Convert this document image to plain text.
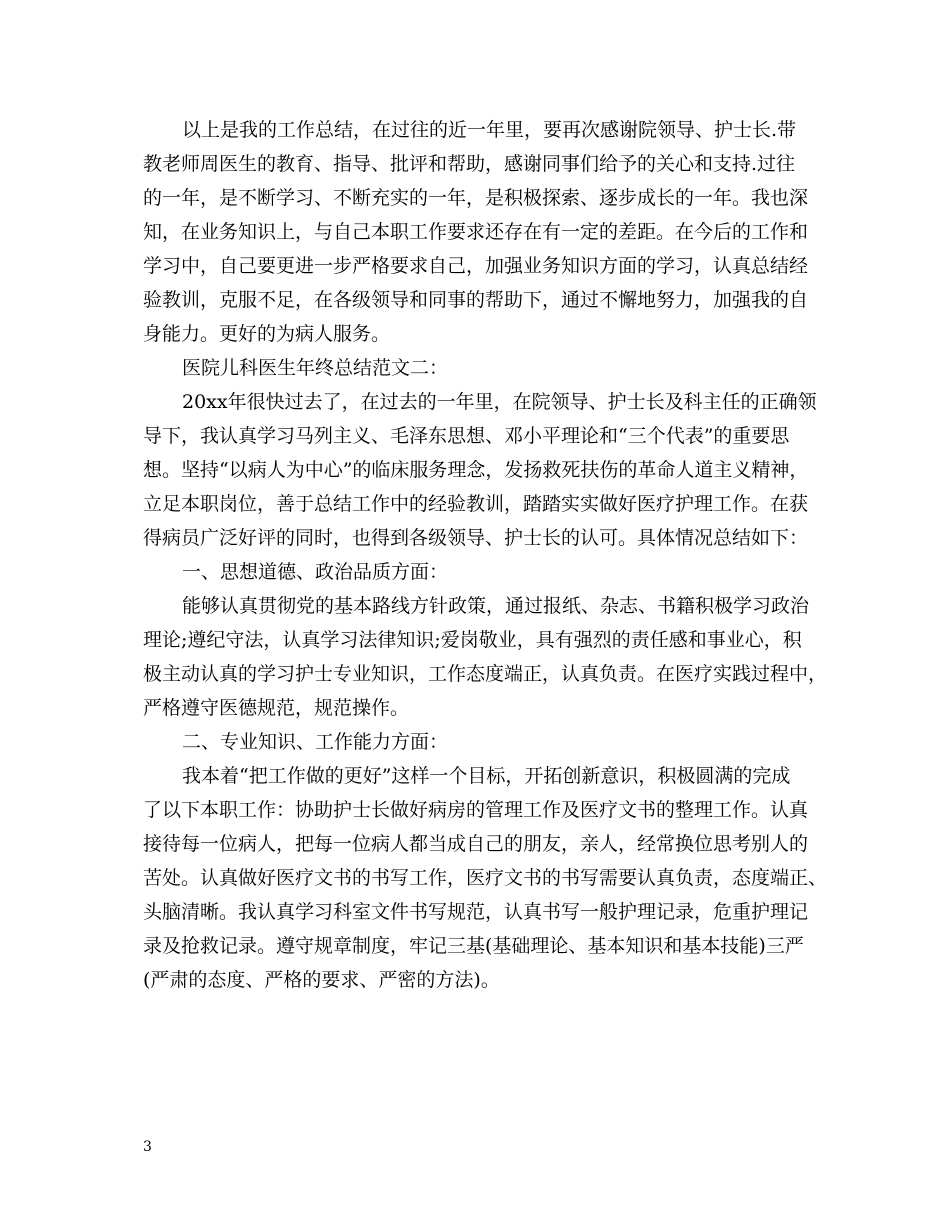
以上是我的工作总结，在过往的近一年里，要再次感谢院领导、护士长.带
教老师周医生的教育、指导、批评和帮助，感谢同事们给予的关心和支持.过往
的一年，是不断学习、不断充实的一年，是积极探索、逐步成长的一年。我也深
知，在业务知识上，与自己本职工作要求还存在有一定的差距。在今后的工作和
学习中，自己要更进一步严格要求自己，加强业务知识方面的学习，认真总结经
验教训，克服不足，在各级领导和同事的帮助下，通过不懈地努力，加强我的自
身能力。更好的为病人服务。
医院儿科医生年终总结范文二：
20xx年很快过去了，在过去的一年里，在院领导、护士长及科主任的正确领
导下，我认真学习马列主义、毛泽东思想、邓小平理论和“三个代表”的重要思
想。坚持“以病人为中心”的临床服务理念，发扬救死扶伤的革命人道主义精神，
立足本职岗位，善于总结工作中的经验教训，踏踏实实做好医疗护理工作。在获
得病员广泛好评的同时，也得到各级领导、护士长的认可。具体情况总结如下：
一、思想道德、政治品质方面：
能够认真贯彻党的基本路线方针政策，通过报纸、杂志、书籍积极学习政治
理论;遵纪守法，认真学习法律知识;爱岗敬业，具有强烈的责任感和事业心，积
极主动认真的学习护士专业知识，工作态度端正，认真负责。在医疗实践过程中，
严格遵守医德规范，规范操作。
二、专业知识、工作能力方面：
我本着“把工作做的更好”这样一个目标，开拓创新意识，积极圆满的完成
了以下本职工作：协助护士长做好病房的管理工作及医疗文书的整理工作。认真
接待每一位病人，把每一位病人都当成自己的朋友，亲人，经常换位思考别人的
苦处。认真做好医疗文书的书写工作，医疗文书的书写需要认真负责，态度端正、
头脑清晰。我认真学习科室文件书写规范，认真书写一般护理记录，危重护理记
录及抢救记录。遵守规章制度，牢记三基(基础理论、基本知识和基本技能)三严
(严肃的态度、严格的要求、严密的方法)。
3
